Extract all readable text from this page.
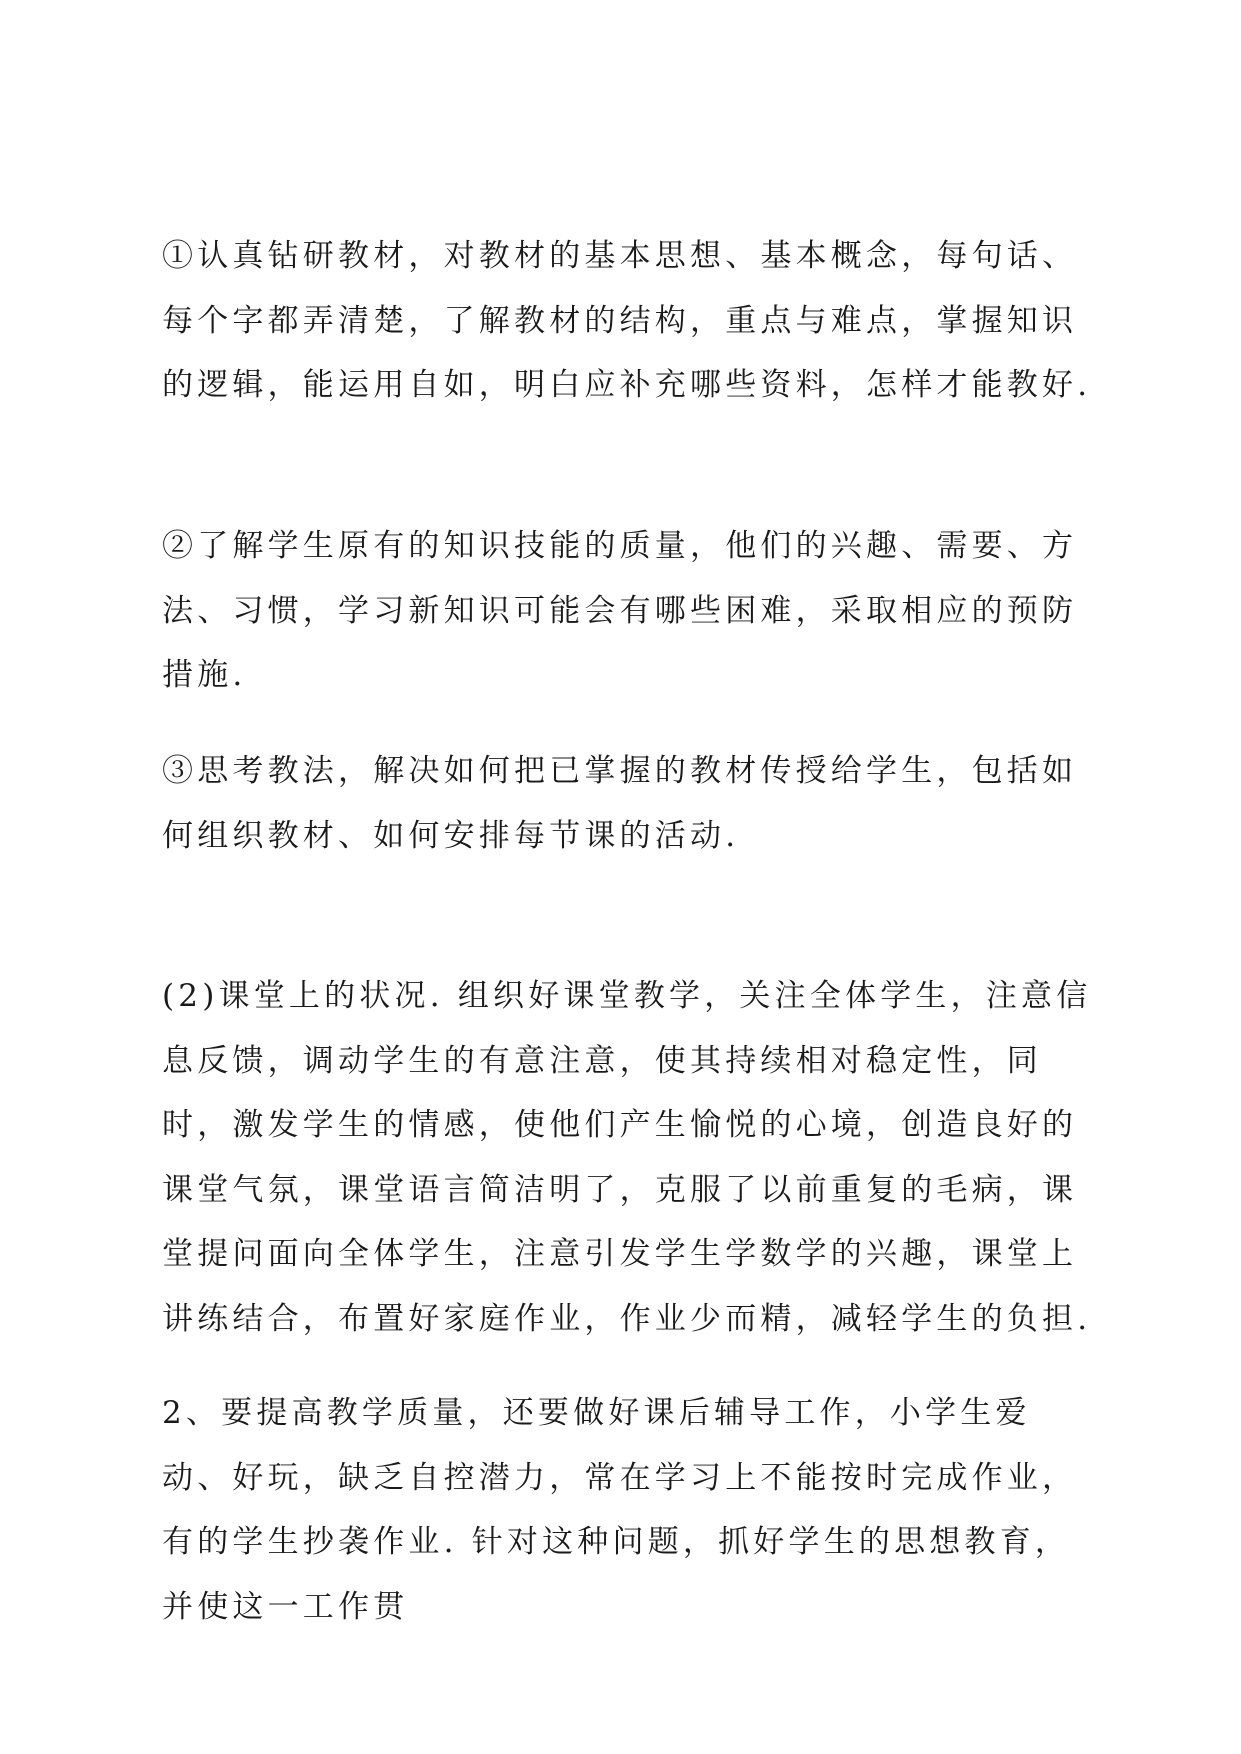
①认真钻研教材，对教材的基本思想、基本概念，每句话、每个字都弄清楚，了解教材的结构，重点与难点，掌握知识的逻辑，能运用自如，明白应补充哪些资料，怎样才能教好.

②了解学生原有的知识技能的质量，他们的兴趣、需要、方法、习惯，学习新知识可能会有哪些困难，采取相应的预防措施.

③思考教法，解决如何把已掌握的教材传授给学生，包括如何组织教材、如何安排每节课的活动.

(2)课堂上的状况. 组织好课堂教学，关注全体学生，注意信息反馈，调动学生的有意注意，使其持续相对稳定性，同时，激发学生的情感，使他们产生愉悦的心境，创造良好的课堂气氛，课堂语言简洁明了，克服了以前重复的毛病，课堂提问面向全体学生，注意引发学生学数学的兴趣，课堂上讲练结合，布置好家庭作业，作业少而精，减轻学生的负担.

2、要提高教学质量，还要做好课后辅导工作，小学生爱动、好玩，缺乏自控潜力，常在学习上不能按时完成作业，有的学生抄袭作业. 针对这种问题，抓好学生的思想教育，并使这一工作贯
